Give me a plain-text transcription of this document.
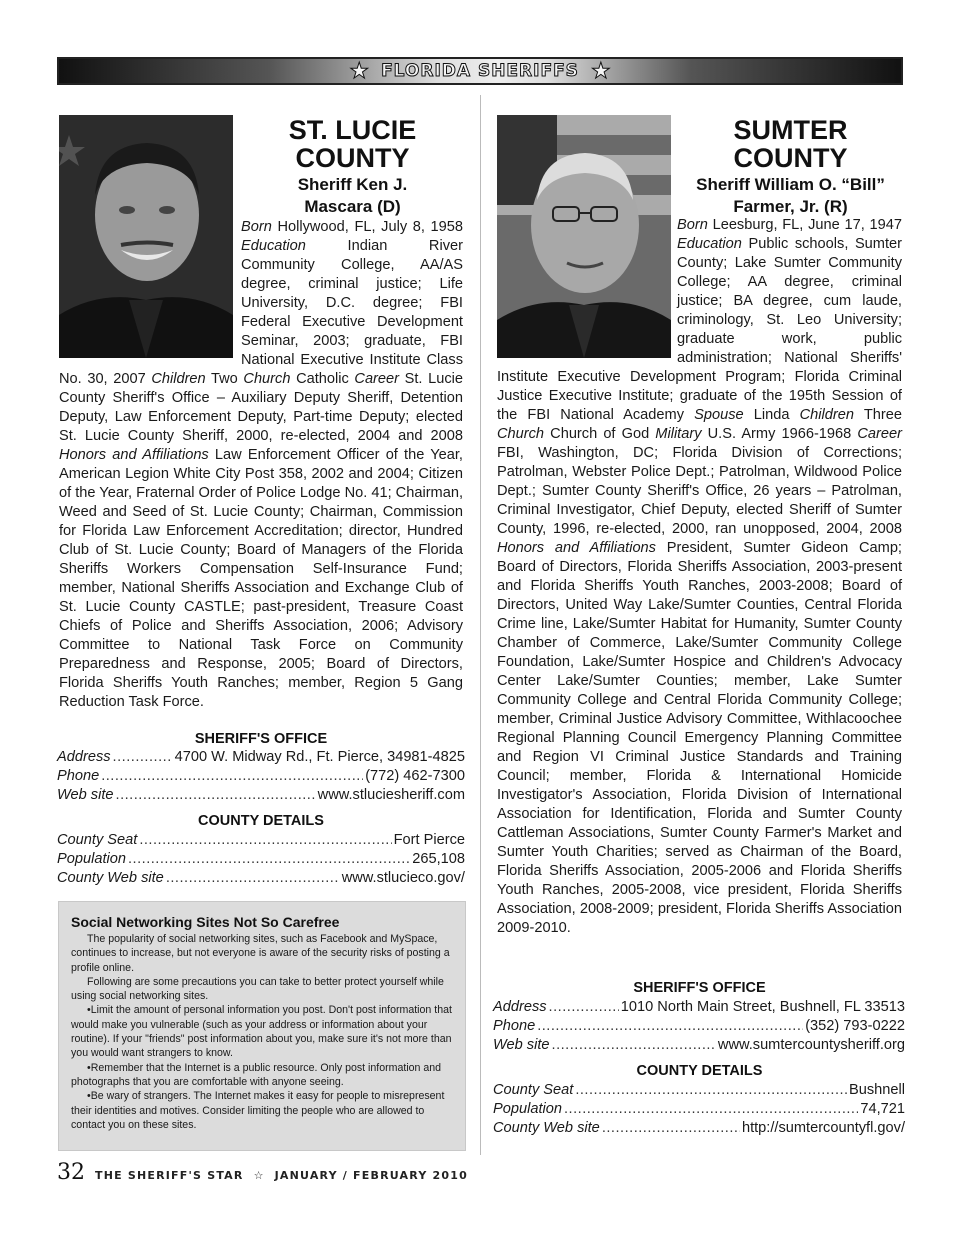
★ FLORIDA SHERIFFS ★
ST. LUCIE
COUNTY
Sheriff Ken J.
Mascara (D)
Born Hollywood, FL, July 8, 1958 Education Indian River Community College, AA/AS degree, criminal justice; Life University, D.C. degree; FBI Federal Executive Development Seminar, 2003; graduate, FBI National Executive Institute Class No. 30, 2007 Children Two Church Catholic Career St. Lucie County Sheriff's Office – Auxiliary Deputy Sheriff, Detention Deputy, Law Enforcement Deputy, Part-time Deputy; elected St. Lucie County Sheriff, 2000, re-elected, 2004 and 2008 Honors and Affiliations Law Enforcement Officer of the Year, American Legion White City Post 358, 2002 and 2004; Citizen of the Year, Fraternal Order of Police Lodge No. 41; Chairman, Weed and Seed of St. Lucie County; Chairman, Commission for Florida Law Enforcement Accreditation; director, Hundred Club of St. Lucie County; Board of Managers of the Florida Sheriffs Workers Compensation Self-Insurance Fund; member, National Sheriffs Association and Exchange Club of St. Lucie County CASTLE; past-president, Treasure Coast Chiefs of Police and Sheriffs Association, 2006; Advisory Committee to National Task Force on Community Preparedness and Response, 2005; Board of Directors, Florida Sheriffs Youth Ranches; member, Region 5 Gang Reduction Task Force.
SHERIFF'S OFFICE
Address .....	4700 W. Midway Rd., Ft. Pierce, 34981-4825
Phone .....	(772) 462-7300
Web site .....	www.stluciesheriff.com
COUNTY DETAILS
County Seat .....	Fort Pierce
Population .....	265,108
County Web site .....	www.stlucieco.gov/
Social Networking Sites Not So Carefree

The popularity of social networking sites, such as Facebook and MySpace, continues to increase, but not everyone is aware of the security risks of posting a profile online.

Following are some precautions you can take to better protect yourself while using social networking sites.

•Limit the amount of personal information you post. Don't post information that would make you vulnerable (such as your address or information about your routine). If your "friends" post information about you, make sure it's not more than you would want strangers to know.

•Remember that the Internet is a public resource. Only post information and photographs that you are comfortable with anyone seeing.

•Be wary of strangers. The Internet makes it easy for people to misrepresent their identities and motives. Consider limiting the people who are allowed to contact you on these sites.

SUMTER
COUNTY
Sheriff William O. “Bill”
Farmer, Jr. (R)
Born Leesburg, FL, June 17, 1947 Education Public schools, Sumter County; Lake Sumter Community College; AA degree, criminal justice; BA degree, cum laude, criminology, St. Leo University; graduate work, public administration; National Sheriffs' Institute Executive Development Program; Florida Criminal Justice Executive Institute; graduate of the 195th Session of the FBI National Academy Spouse Linda Children Three Church Church of God Military U.S. Army 1966-1968 Career FBI, Washington, DC; Florida Division of Corrections; Patrolman, Webster Police Dept.; Patrolman, Wildwood Police Dept.; Sumter County Sheriff's Office, 26 years – Patrolman, Criminal Investigator, Chief Deputy, elected Sheriff of Sumter County, 1996, re-elected, 2000, ran unopposed, 2004, 2008 Honors and Affiliations President, Sumter Gideon Camp; Board of Directors, Florida Sheriffs Association, 2003-present and Florida Sheriffs Youth Ranches, 2003-2008; Board of Directors, United Way Lake/Sumter Counties, Central Florida Crime line, Lake/Sumter Habitat for Humanity, Sumter County Chamber of Commerce, Lake/Sumter Community College Foundation, Lake/Sumter Hospice and Children's Advocacy Center Lake/Sumter Counties; member, Lake Sumter Community College and Central Florida Community College; member, Criminal Justice Advisory Committee, Withlacoochee Regional Planning Council Emergency Planning Committee and Region VI Criminal Justice Standards and Training Council; member, Florida & International Homicide Investigator's Association, Florida Division of International Association for Identification, Florida and Sumter County Cattleman Associations, Sumter County Farmer's Market and Sumter Youth Charities; served as Chairman of the Board, Florida Sheriffs Association, 2005-2006 and Florida Sheriffs Youth Ranches, 2005-2008, vice president, Florida Sheriffs Association, 2008-2009; president, Florida Sheriffs Association 2009-2010.
SHERIFF'S OFFICE
Address .....	1010 North Main Street, Bushnell, FL 33513
Phone .....	(352) 793-0222
Web site .....	www.sumtercountysheriff.org
COUNTY DETAILS
County Seat .....	Bushnell
Population .....	74,721
County Web site .....	http://sumtercountyfl.gov/
32 THE SHERIFF'S STAR ☆ JANUARY / FEBRUARY 2010
